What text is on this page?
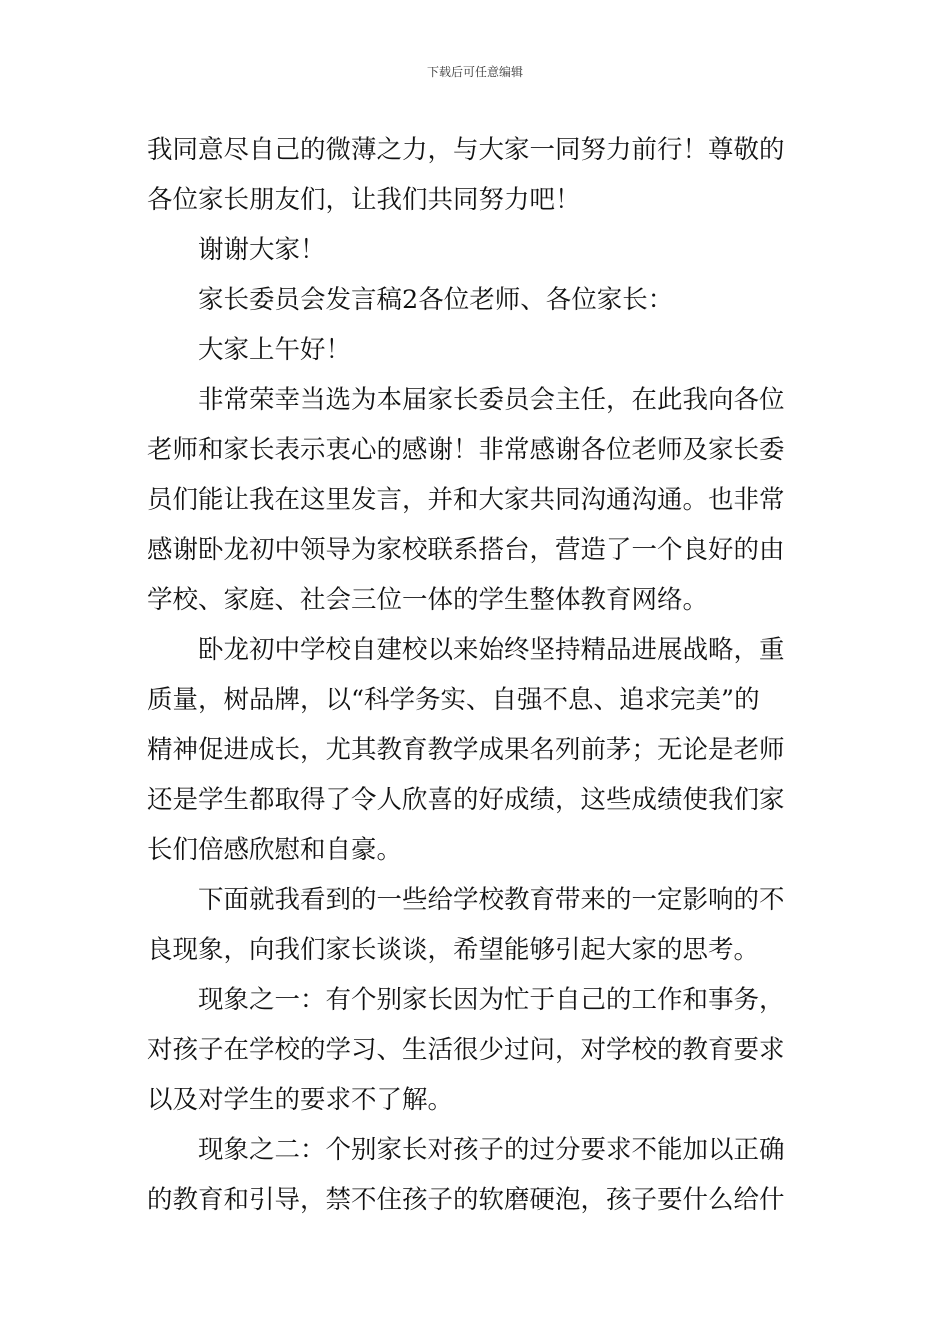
下载后可任意编辑
我同意尽自己的微薄之力，与大家一同努力前行！尊敬的
各位家长朋友们，让我们共同努力吧！
谢谢大家！
家长委员会发言稿2各位老师、各位家长：
大家上午好！
非常荣幸当选为本届家长委员会主任，在此我向各位
老师和家长表示衷心的感谢！非常感谢各位老师及家长委
员们能让我在这里发言，并和大家共同沟通沟通。也非常
感谢卧龙初中领导为家校联系搭台，营造了一个良好的由
学校、家庭、社会三位一体的学生整体教育网络。
卧龙初中学校自建校以来始终坚持精品进展战略，重
质量，树品牌，以“科学务实、自强不息、追求完美”的
精神促进成长，尤其教育教学成果名列前茅；无论是老师
还是学生都取得了令人欣喜的好成绩，这些成绩使我们家
长们倍感欣慰和自豪。
下面就我看到的一些给学校教育带来的一定影响的不
良现象，向我们家长谈谈，希望能够引起大家的思考。
现象之一：有个别家长因为忙于自己的工作和事务，
对孩子在学校的学习、生活很少过问，对学校的教育要求
以及对学生的要求不了解。
现象之二：个别家长对孩子的过分要求不能加以正确
的教育和引导，禁不住孩子的软磨硬泡，孩子要什么给什
